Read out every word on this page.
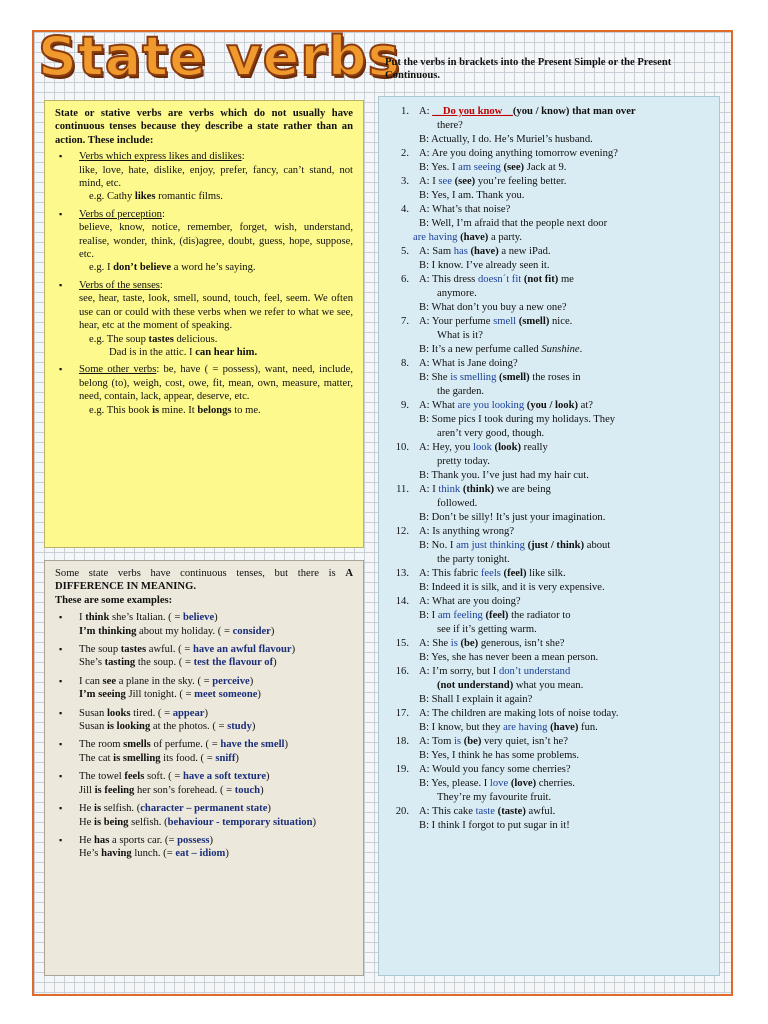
State verbs
Put the verbs in brackets into the Present Simple or the Present Continuous.

State or stative verbs are verbs which do not usually have continuous tenses because they describe a state rather than an action. These include:

▪ Verbs which express likes and dislikes:

like, love, hate, dislike, enjoy, prefer, fancy, can’t stand, not mind, etc.

e.g. Cathy likes romantic films.

▪ Verbs of perception:

believe, know, notice, remember, forget, wish, understand, realise, wonder, think, (dis)agree, doubt, guess, hope, suppose, etc.

e.g. I don’t believe a word he’s saying.

▪ Verbs of the senses:

see, hear, taste, look, smell, sound, touch, feel, seem. We often use can or could with these verbs when we refer to what we see, hear, etc at the moment of speaking.

e.g. The soup tastes delicious.

Dad is in the attic. I can hear him.

▪ Some other verbs: be, have ( = possess), want, need, include, belong (to), weigh, cost, owe, fit, mean, own, measure, matter, need, contain, lack, appear, deserve, etc.

e.g. This book is mine. It belongs to me.

Some state verbs have continuous tenses, but there is A DIFFERENCE IN MEANING.
These are some examples:

▪ I think she’s Italian. ( = believe)

I’m thinking about my holiday. ( = consider)

▪ The soup tastes awful. ( = have an awful flavour)

She’s tasting the soup. ( = test the flavour of)

▪ I can see a plane in the sky. ( = perceive)

I’m seeing Jill tonight. ( = meet someone)

▪ Susan looks tired. ( = appear)

Susan is looking at the photos. ( = study)

▪ The room smells of perfume. ( = have the smell)

The cat is smelling its food. ( = sniff)

▪ The towel feels soft. ( = have a soft texture)

Jill is feeling her son’s forehead. ( = touch)

▪ He is selfish. (character – permanent state)

He is being selfish. (behaviour - temporary situation)

▪ He has a sports car. (= possess)

He’s having lunch. (= eat – idiom)

1. A: __Do you know__(you / know) that man over

there?

B: Actually, I do. He’s Muriel’s husband.

2. A: Are you doing anything tomorrow evening?

B: Yes. I am seeing (see) Jack at 9.

3. A: I see (see) you’re feeling better.

B: Yes, I am. Thank you.

4. A: What’s that noise?

B: Well, I’m afraid that the people next door

are having (have) a party.

5. A: Sam has (have) a new iPad.

B: I know. I’ve already seen it.

6. A: This dress doesn´t fit (not fit) me

anymore.

B: What don’t you buy a new one?

7. A: Your perfume smell (smell) nice.

What is it?

B: It’s a new perfume called Sunshine.

8. A: What is Jane doing?

B: She is smelling (smell) the roses in

the garden.

9. A: What are you looking (you / look) at?

B: Some pics I took during my holidays. They

aren’t very good, though.

10. A: Hey, you look (look) really

pretty today.

B: Thank you. I’ve just had my hair cut.

11. A: I think (think) we are being

followed.

B: Don’t be silly! It’s just your imagination.

12. A: Is anything wrong?

B: No. I am just thinking (just / think) about

the party tonight.

13. A: This fabric feels (feel) like silk.

B: Indeed it is silk, and it is very expensive.

14. A: What are you doing?

B: I am feeling (feel) the radiator to

see if it’s getting warm.

15. A: She is (be) generous, isn’t she?

B: Yes, she has never been a mean person.

16. A: I’m sorry, but I don’t understand

(not understand) what you mean.

B: Shall I explain it again?

17. A: The children are making lots of noise today.

B: I know, but they are having (have) fun.

18. A: Tom is (be) very quiet, isn’t he?

B: Yes, I think he has some problems.

19. A: Would you fancy some cherries?

B: Yes, please. I love (love) cherries.

They’re my favourite fruit.

20. A: This cake taste (taste) awful.

B: I think I forgot to put sugar in it!
